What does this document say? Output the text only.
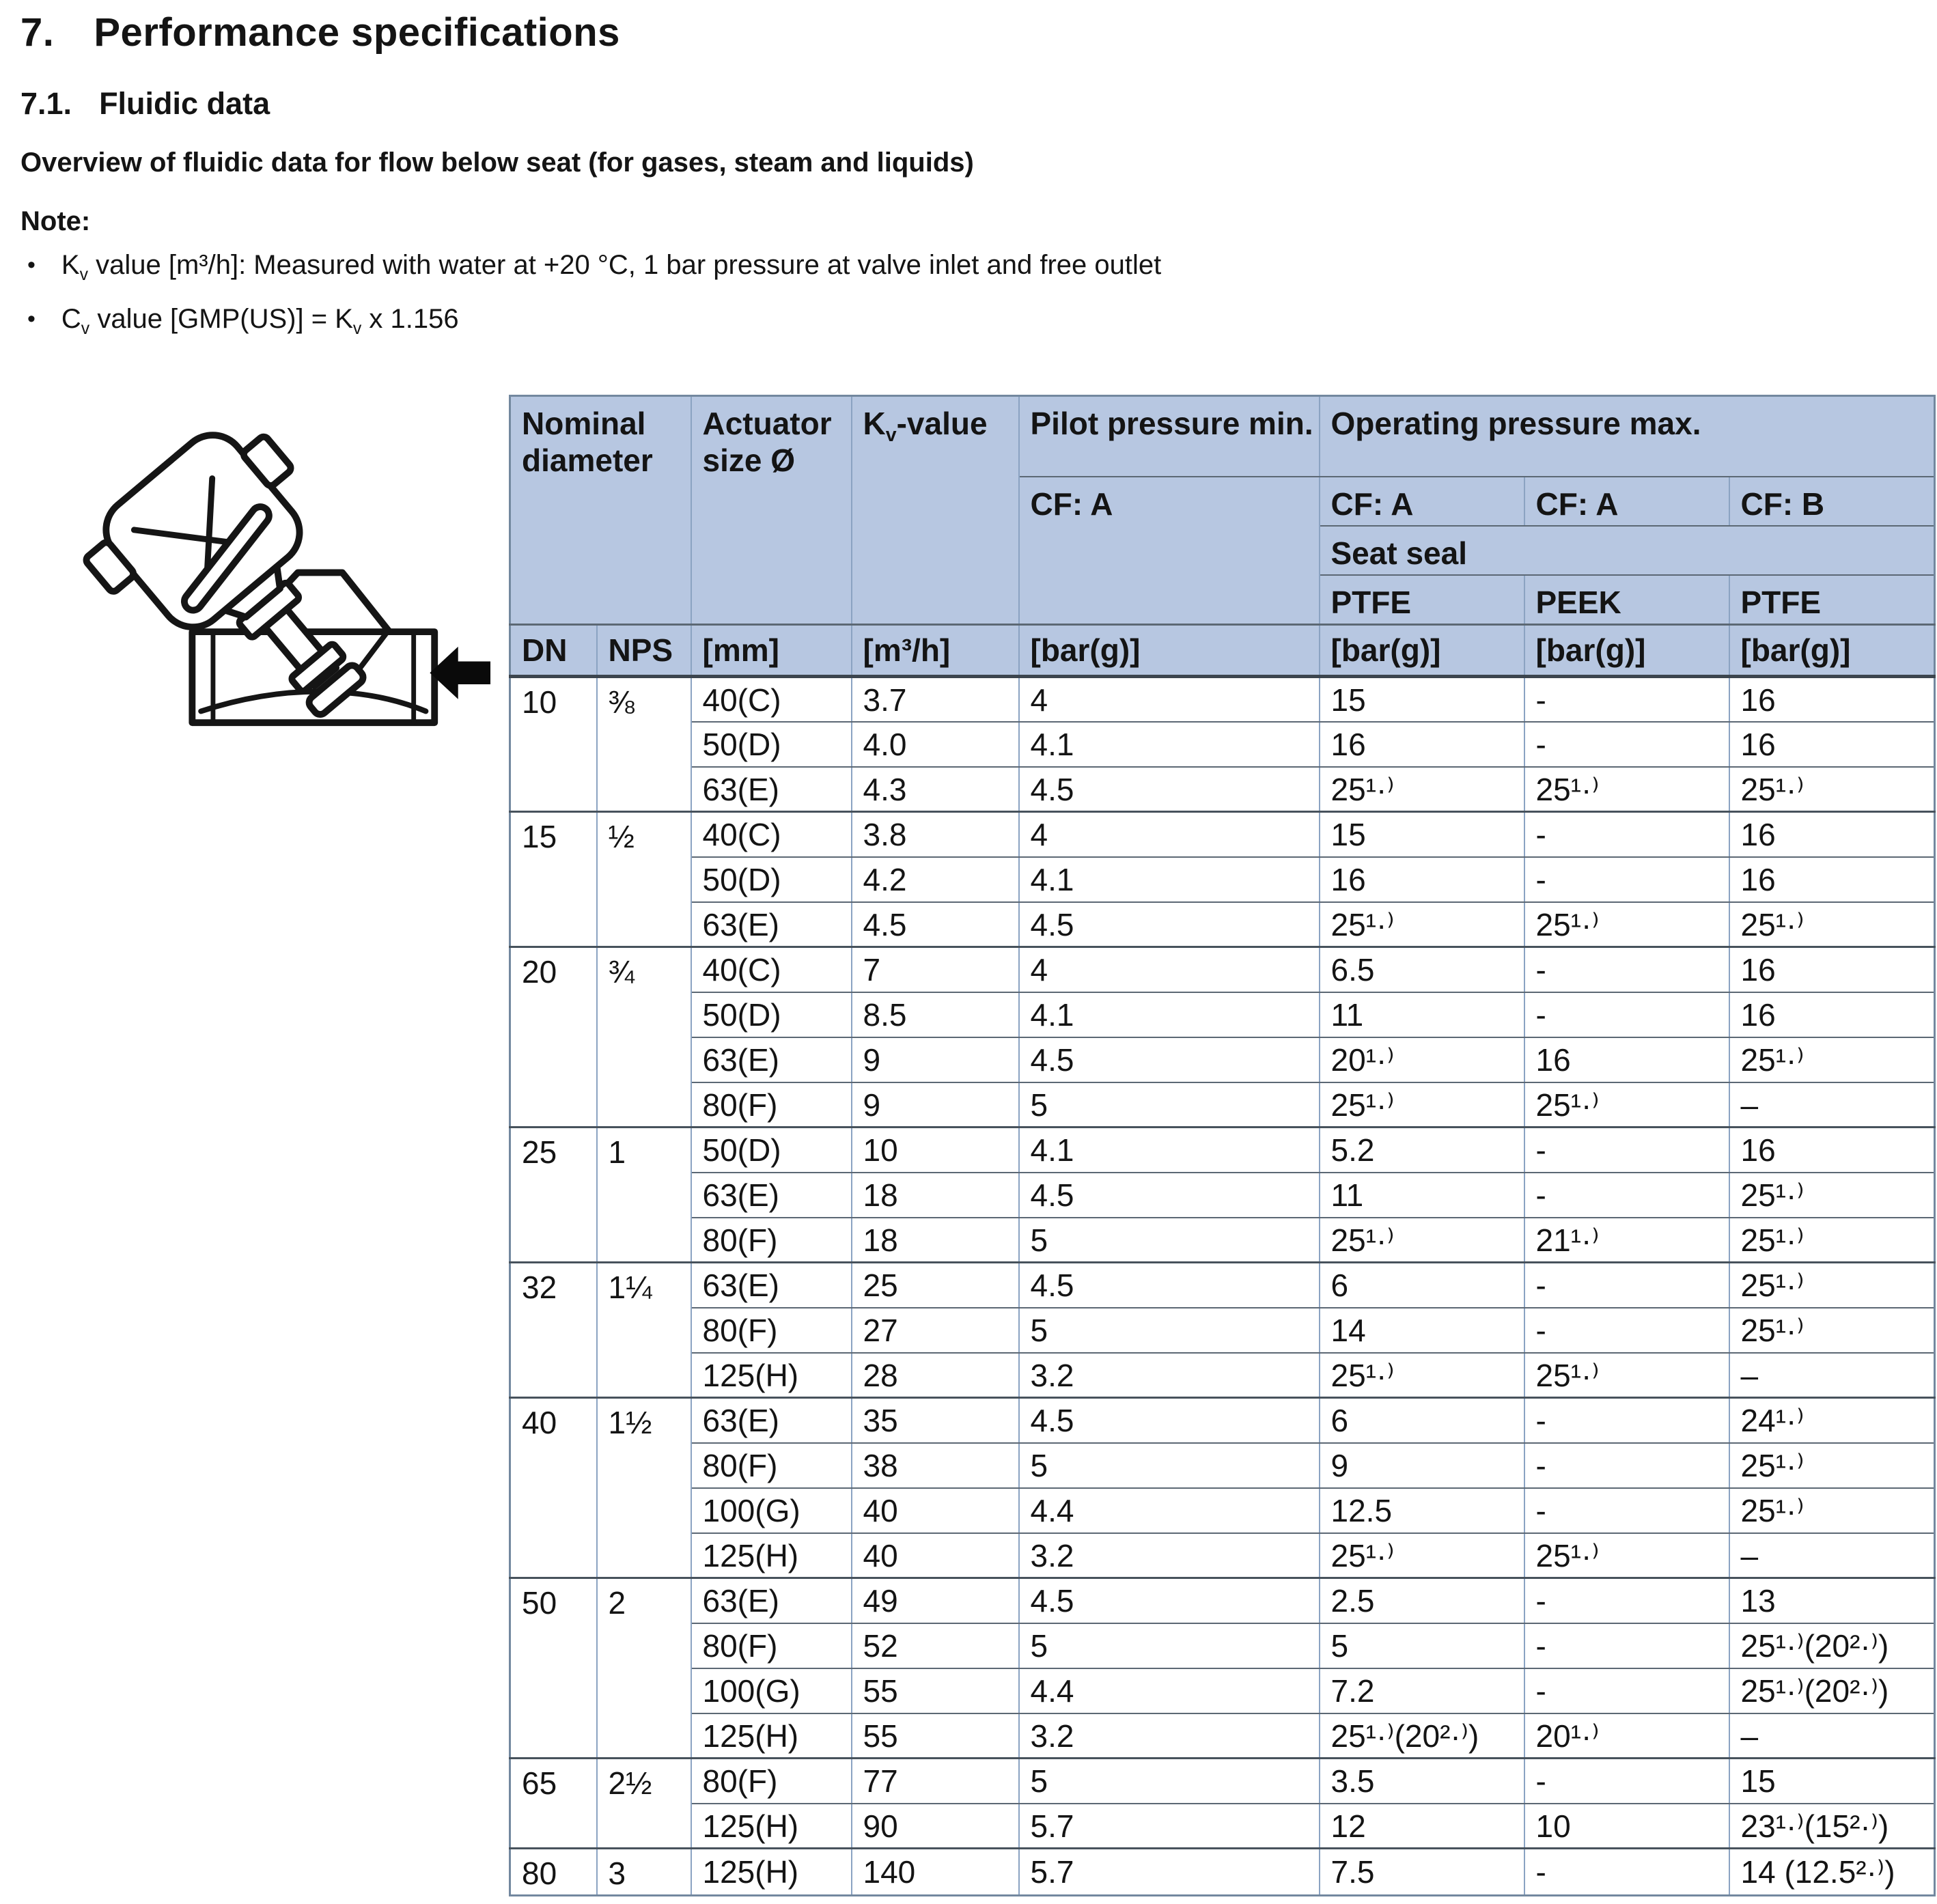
7. Performance specifications
7.1. Fluidic data
Overview of fluidic data for flow below seat (for gases, steam and liquids)
Note:
• $K_v$ value [m³/h]: Measured with water at +20 °C, 1 bar pressure at valve inlet and free outlet
• $C_v$ value $[GMP(US)] = K_v$ x 1.156
Nominal diameter		Actuator size Ø	$K_v$-value	Pilot pressure min.	Operating pressure max.		
				CF: A	CF: A	CF: A	CF: B
					Seat seal		
					PTFE	PEEK	PTFE
DN	NPS	[mm]	[m³/h]	[bar(g)]	[bar(g)]	[bar(g)]	[bar(g)]
10	⅜	40(C)	3.7	4	15	-	16
		50(D)	4.0	4.1	16	-	16
		63(E)	4.3	4.5	25¹·⁾	25¹·⁾	25¹·⁾
15	½	40(C)	3.8	4	15	-	16
		50(D)	4.2	4.1	16	-	16
		63(E)	4.5	4.5	25¹·⁾	25¹·⁾	25¹·⁾
20	¾	40(C)	7	4	6.5	-	16
		50(D)	8.5	4.1	11	-	16
		63(E)	9	4.5	20¹·⁾	16	25¹·⁾
		80(F)	9	5	25¹·⁾	25¹·⁾	–
25	1	50(D)	10	4.1	5.2	-	16
		63(E)	18	4.5	11	-	25¹·⁾
		80(F)	18	5	25¹·⁾	21¹·⁾	25¹·⁾
32	1¼	63(E)	25	4.5	6	-	25¹·⁾
		80(F)	27	5	14	-	25¹·⁾
		125(H)	28	3.2	25¹·⁾	25¹·⁾	–
40	1½	63(E)	35	4.5	6	-	24¹·⁾
		80(F)	38	5	9	-	25¹·⁾
		100(G)	40	4.4	12.5	-	25¹·⁾
		125(H)	40	3.2	25¹·⁾	25¹·⁾	–
50	2	63(E)	49	4.5	2.5	-	13
		80(F)	52	5	5	-	25¹·⁾(20²·⁾)
		100(G)	55	4.4	7.2	-	25¹·⁾(20²·⁾)
		125(H)	55	3.2	25¹·⁾(20²·⁾)	20¹·⁾	–
65	2½	80(F)	77	5	3.5	-	15
		125(H)	90	5.7	12	10	23¹·⁾(15²·⁾)
80	3	125(H)	140	5.7	7.5	-	14 (12.5²·⁾)
